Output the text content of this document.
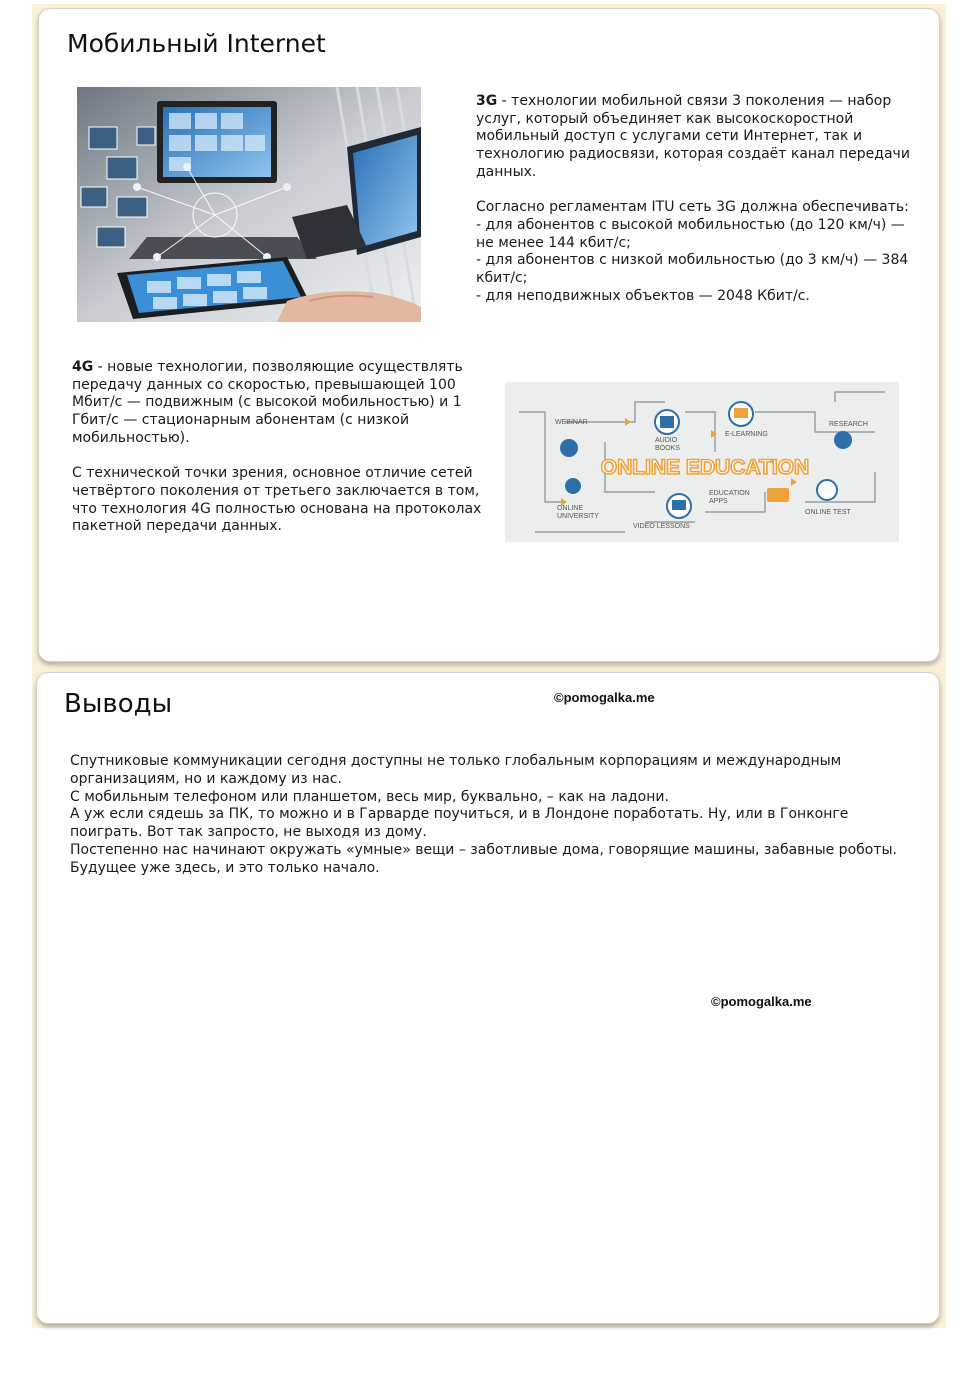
Мобильный Internet

3G - технологии мобильной связи 3 поколения — набор услуг, который объединяет как высокоскоростной мобильный доступ с услугами сети Интернет, так и технологию радиосвязи, которая создаёт канал передачи данных.

Согласно регламентам ITU сеть 3G должна обеспечивать:
- для абонентов с высокой мобильностью (до 120 км/ч) — не менее 144 кбит/с;
- для абонентов с низкой мобильностью (до 3 км/ч) — 384 кбит/с;
- для неподвижных объектов — 2048 Кбит/с.

4G - новые технологии, позволяющие осуществлять передачу данных со скоростью, превышающей 100 Мбит/с — подвижным (с высокой мобильностью) и 1 Гбит/с — стационарным абонентам (с низкой мобильностью).

С технической точки зрения, основное отличие сетей четвёртого поколения от третьего заключается в том, что технология 4G полностью основана на протоколах пакетной передачи данных.

ONLINE EDUCATION
WEBINAR
AUDIO
BOOKS
E-LEARNING
RESEARCH
ONLINE
UNIVERSITY
VIDEO LESSONS
EDUCATION
APPS
ONLINE TEST
Выводы	©pomogalka.me

Спутниковые коммуникации сегодня доступны не только глобальным корпорациям и международным организациям, но и каждому из нас.

С мобильным телефоном или планшетом, весь мир, буквально, – как на ладони.

А уж если сядешь за ПК, то можно и в Гарварде поучиться, и в Лондоне поработать. Ну, или в Гонконге поиграть. Вот так запросто, не выходя из дому.

Постепенно нас начинают окружать «умные» вещи – заботливые дома, говорящие машины, забавные роботы.

Будущее уже здесь, и это только начало.

©pomogalka.me
